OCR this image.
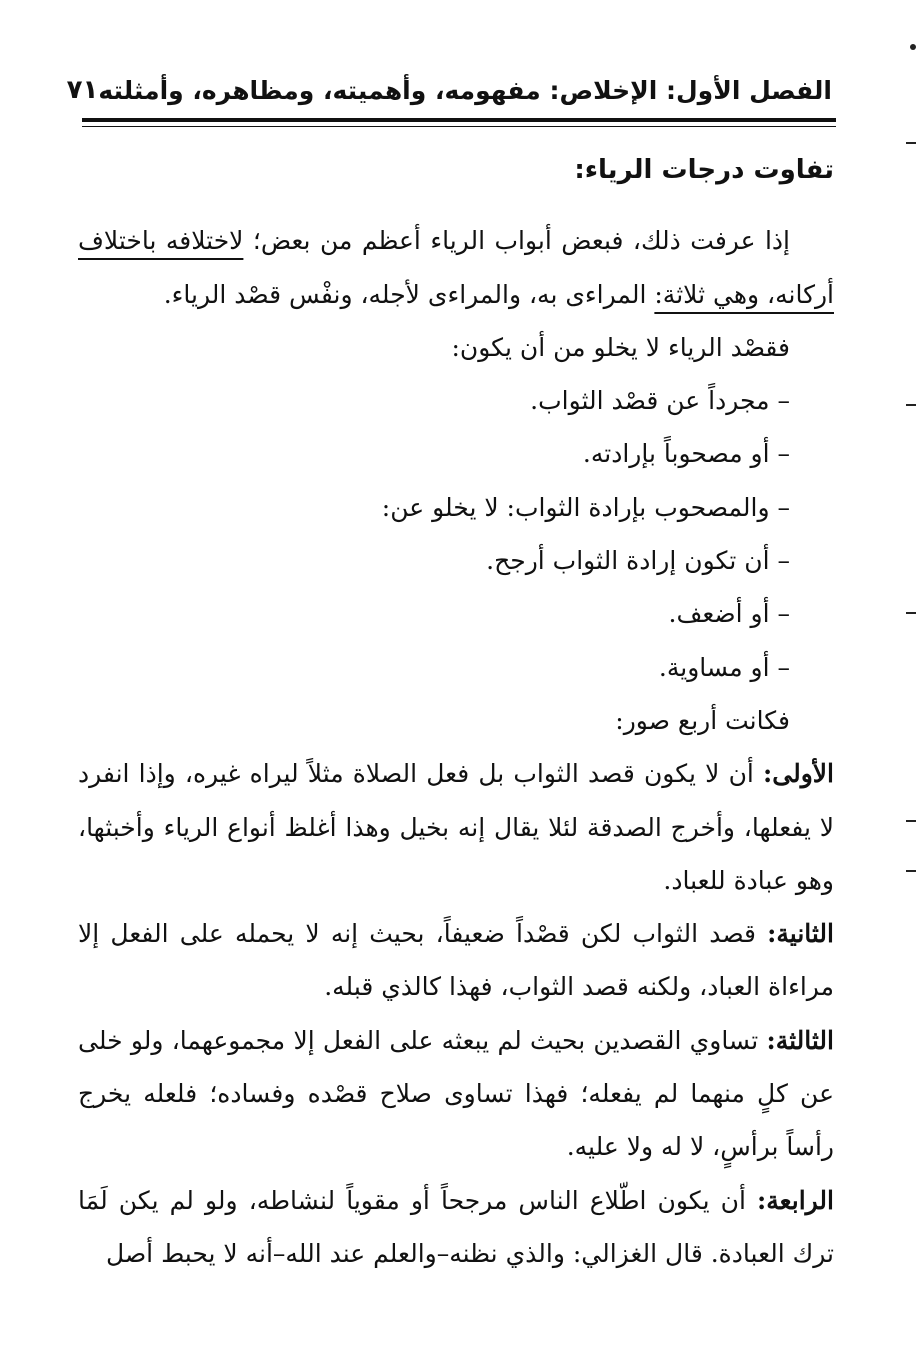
الفصل الأول: الإخلاص: مفهومه، وأهميته، ومظاهره، وأمثلته
٧١
تفاوت درجات الرياء:

إذا عرفت ذلك، فبعض أبواب الرياء أعظم من بعض؛ لاختلافه باختلاف أركانه، وهي ثلاثة: المراءى به، والمراءى لأجله، ونفْس قصْد الرياء.

فقصْد الرياء لا يخلو من أن يكون:

– مجرداً عن قصْد الثواب.

– أو مصحوباً بإرادته.

– والمصحوب بإرادة الثواب: لا يخلو عن:

– أن تكون إرادة الثواب أرجح.

– أو أضعف.

– أو مساوية.

فكانت أربع صور:

الأولى: أن لا يكون قصد الثواب بل فعل الصلاة مثلاً ليراه غيره، وإذا انفرد لا يفعلها، وأخرج الصدقة لئلا يقال إنه بخيل وهذا أغلظ أنواع الرياء وأخبثها، وهو عبادة للعباد.

الثانية: قصد الثواب لكن قصْداً ضعيفاً، بحيث إنه لا يحمله على الفعل إلا مراءاة العباد، ولكنه قصد الثواب، فهذا كالذي قبله.

الثالثة: تساوي القصدين بحيث لم يبعثه على الفعل إلا مجموعهما، ولو خلى عن كلٍ منهما لم يفعله؛ فهذا تساوى صلاح قصْده وفساده؛ فلعله يخرج رأساً برأسٍ، لا له ولا عليه.

الرابعة: أن يكون اطّلاع الناس مرجحاً أو مقوياً لنشاطه، ولو لم يكن لَمَا ترك العبادة. قال الغزالي: والذي نظنه–والعلم عند الله–أنه لا يحبط أصل
